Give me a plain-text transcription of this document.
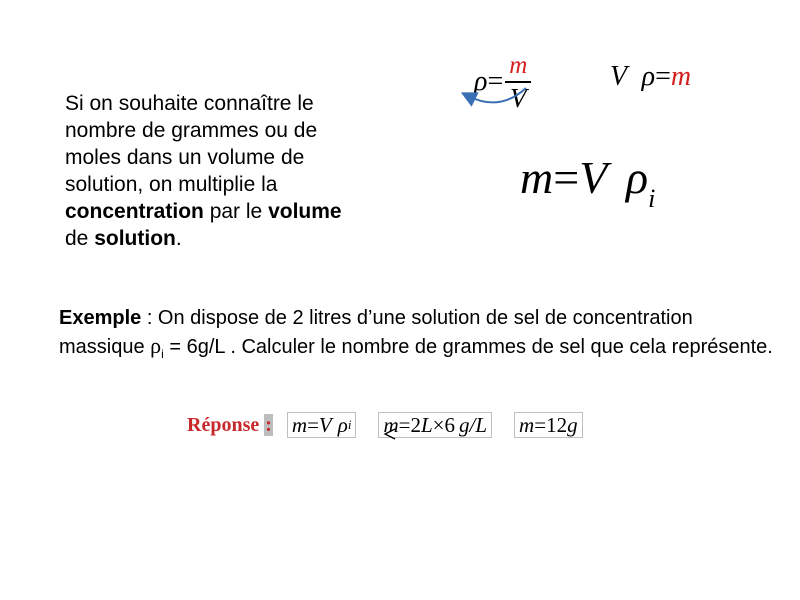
Si on souhaite connaître le nombre de grammes ou de moles dans un volume de solution, on multiplie la concentration par le volume de solution.
$\rho = \frac{m}{V}$	V ρ=m
m=V $\rho_i$
Exemple : On dispose de 2 litres d’une solution de sel de concentration massique $\rho_i = 6g/L$ . Calculer le nombre de grammes de sel que cela représente.
Réponse : m = V ρ i m = 2 L × 6 g / L m = 12 g
